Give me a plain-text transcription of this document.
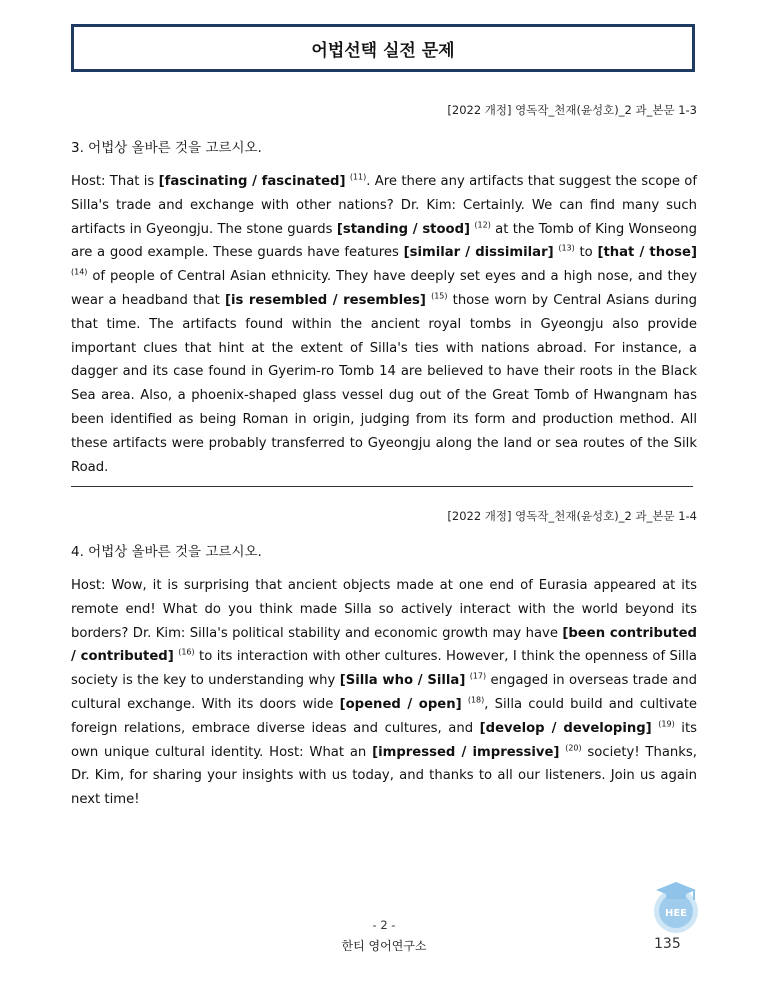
어법선택 실전 문제
[2022 개정] 영독작_천재(윤성호)_2 과_본문 1-3
3. 어법상 올바른 것을 고르시오.
Host: That is [fascinating / fascinated] $^{(11)}$. Are there any artifacts that suggest the scope of Silla's trade and exchange with other nations? Dr. Kim: Certainly. We can find many such artifacts in Gyeongju. The stone guards [standing / stood] $^{(12)}$ at the Tomb of King Wonseong are a good example. These guards have features [similar / dissimilar] $^{(13)}$ to [that / those] $^{(14)}$ of people of Central Asian ethnicity. They have deeply set eyes and a high nose, and they wear a headband that [is resembled / resembles] $^{(15)}$ those worn by Central Asians during that time. The artifacts found within the ancient royal tombs in Gyeongju also provide important clues that hint at the extent of Silla's ties with nations abroad. For instance, a dagger and its case found in Gyerim-ro Tomb 14 are believed to have their roots in the Black Sea area. Also, a phoenix-shaped glass vessel dug out of the Great Tomb of Hwangnam has been identified as being Roman in origin, judging from its form and production method. All these artifacts were probably transferred to Gyeongju along the land or sea routes of the Silk Road.
[2022 개정] 영독작_천재(윤성호)_2 과_본문 1-4
4. 어법상 올바른 것을 고르시오.
Host: Wow, it is surprising that ancient objects made at one end of Eurasia appeared at its remote end! What do you think made Silla so actively interact with the world beyond its borders? Dr. Kim: Silla's political stability and economic growth may have [been contributed / contributed] $^{(16)}$ to its interaction with other cultures. However, I think the openness of Silla society is the key to understanding why [Silla who / Silla] $^{(17)}$ engaged in overseas trade and cultural exchange. With its doors wide [opened / open] $^{(18)}$, Silla could build and cultivate foreign relations, embrace diverse ideas and cultures, and [develop / developing] $^{(19)}$ its own unique cultural identity. Host: What an [impressed / impressive] $^{(20)}$ society! Thanks, Dr. Kim, for sharing your insights with us today, and thanks to all our listeners. Join us again next time!
- 2 -
한티 영어연구소
HEE
135
